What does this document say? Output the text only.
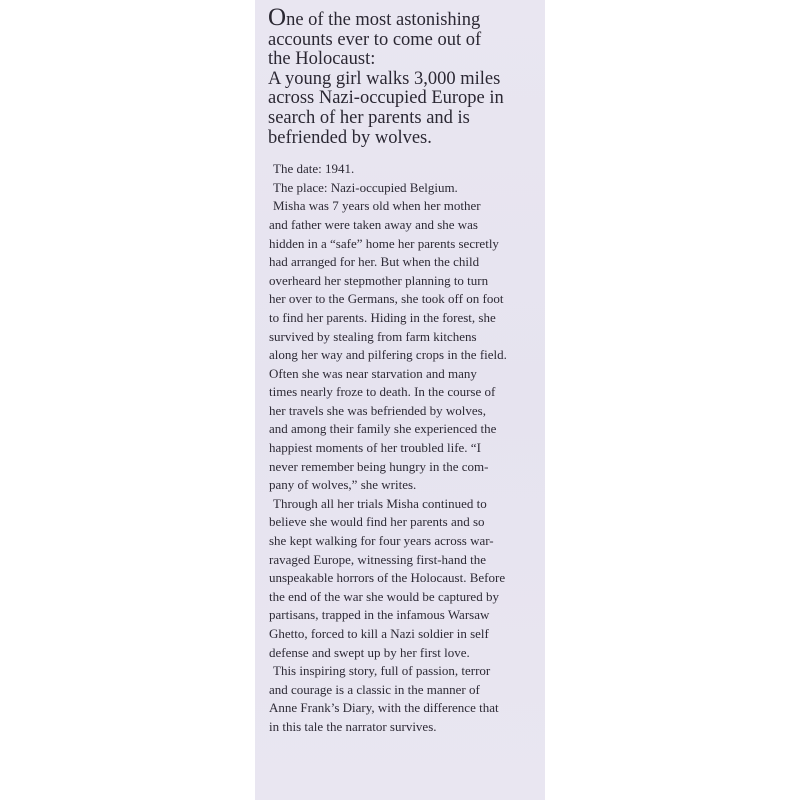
One of the most astonishing
accounts ever to come out of
the Holocaust:
A young girl walks 3,000 miles
across Nazi-occupied Europe in
search of her parents and is
befriended by wolves.
The date: 1941.
The place: Nazi-occupied Belgium.
Misha was 7 years old when her mother
and father were taken away and she was
hidden in a “safe” home her parents secretly
had arranged for her. But when the child
overheard her stepmother planning to turn
her over to the Germans, she took off on foot
to find her parents. Hiding in the forest, she
survived by stealing from farm kitchens
along her way and pilfering crops in the field.
Often she was near starvation and many
times nearly froze to death. In the course of
her travels she was befriended by wolves,
and among their family she experienced the
happiest moments of her troubled life. “I
never remember being hungry in the com-
pany of wolves,” she writes.
Through all her trials Misha continued to
believe she would find her parents and so
she kept walking for four years across war-
ravaged Europe, witnessing first-hand the
unspeakable horrors of the Holocaust. Before
the end of the war she would be captured by
partisans, trapped in the infamous Warsaw
Ghetto, forced to kill a Nazi soldier in self
defense and swept up by her first love.
This inspiring story, full of passion, terror
and courage is a classic in the manner of
Anne Frank’s Diary, with the difference that
in this tale the narrator survives.
